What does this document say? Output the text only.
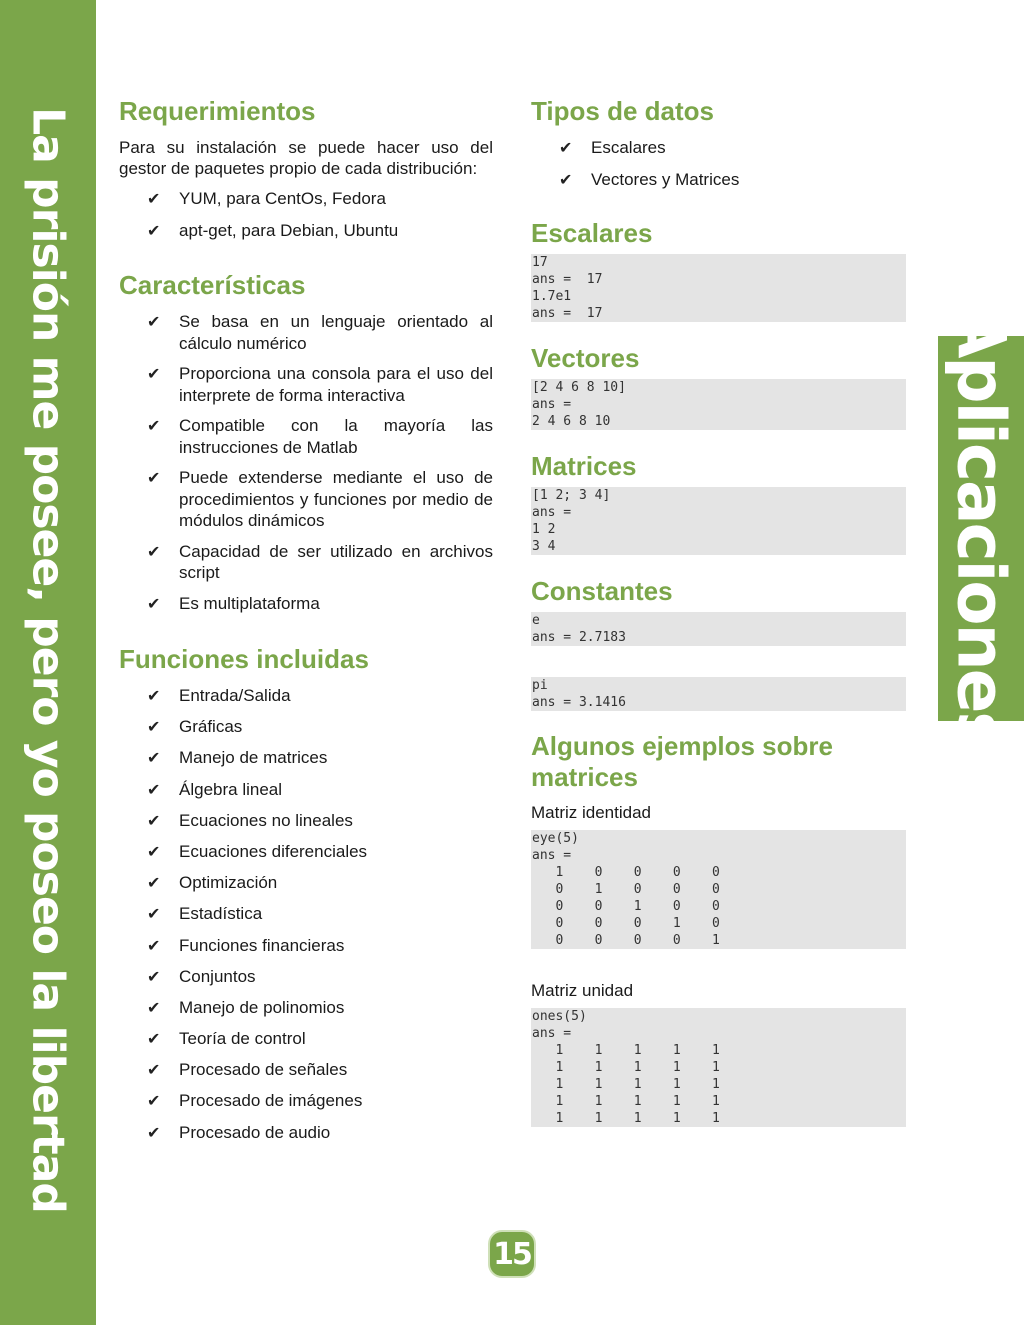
La prisión me posee, pero yo poseo la libertad	Aplicaciones
Requerimientos

Para su instalación se puede hacer uso del gestor de paquetes propio de cada distribución:

✔ YUM, para CentOs, Fedora
✔ apt-get, para Debian, Ubuntu
Características
✔ Se basa en un lenguaje orientado al cálculo numérico
✔ Proporciona una consola para el uso del interprete de forma interactiva
✔ Compatible con la mayoría las instrucciones de Matlab
✔ Puede extenderse mediante el uso de procedimientos y funciones por medio de módulos dinámicos
✔ Capacidad de ser utilizado en archivos script
✔ Es multiplataforma
Funciones incluidas
✔ Entrada/Salida
✔ Gráficas
✔ Manejo de matrices
✔ Álgebra lineal
✔ Ecuaciones no lineales
✔ Ecuaciones diferenciales
✔ Optimización
✔ Estadística
✔ Funciones financieras
✔ Conjuntos
✔ Manejo de polinomios
✔ Teoría de control
✔ Procesado de señales
✔ Procesado de imágenes
✔ Procesado de audio
Tipos de datos
✔ Escalares
✔ Vectores y Matrices
Escalares
17
ans =  17
1.7e1
ans =  17
Vectores
[2 4 6 8 10]
ans =
2 4 6 8 10
Matrices
[1 2; 3 4]
ans =
1 2
3 4
Constantes
e
ans = 2.7183
pi
ans = 3.1416
Algunos ejemplos sobre matrices
Matriz identidad
eye(5)
ans =
1    0    0    0    0
0    1    0    0    0
0    0    1    0    0
0    0    0    1    0
0    0    0    0    1
Matriz unidad
ones(5)
ans =
1    1    1    1    1
1    1    1    1    1
1    1    1    1    1
1    1    1    1    1
1    1    1    1    1
15
